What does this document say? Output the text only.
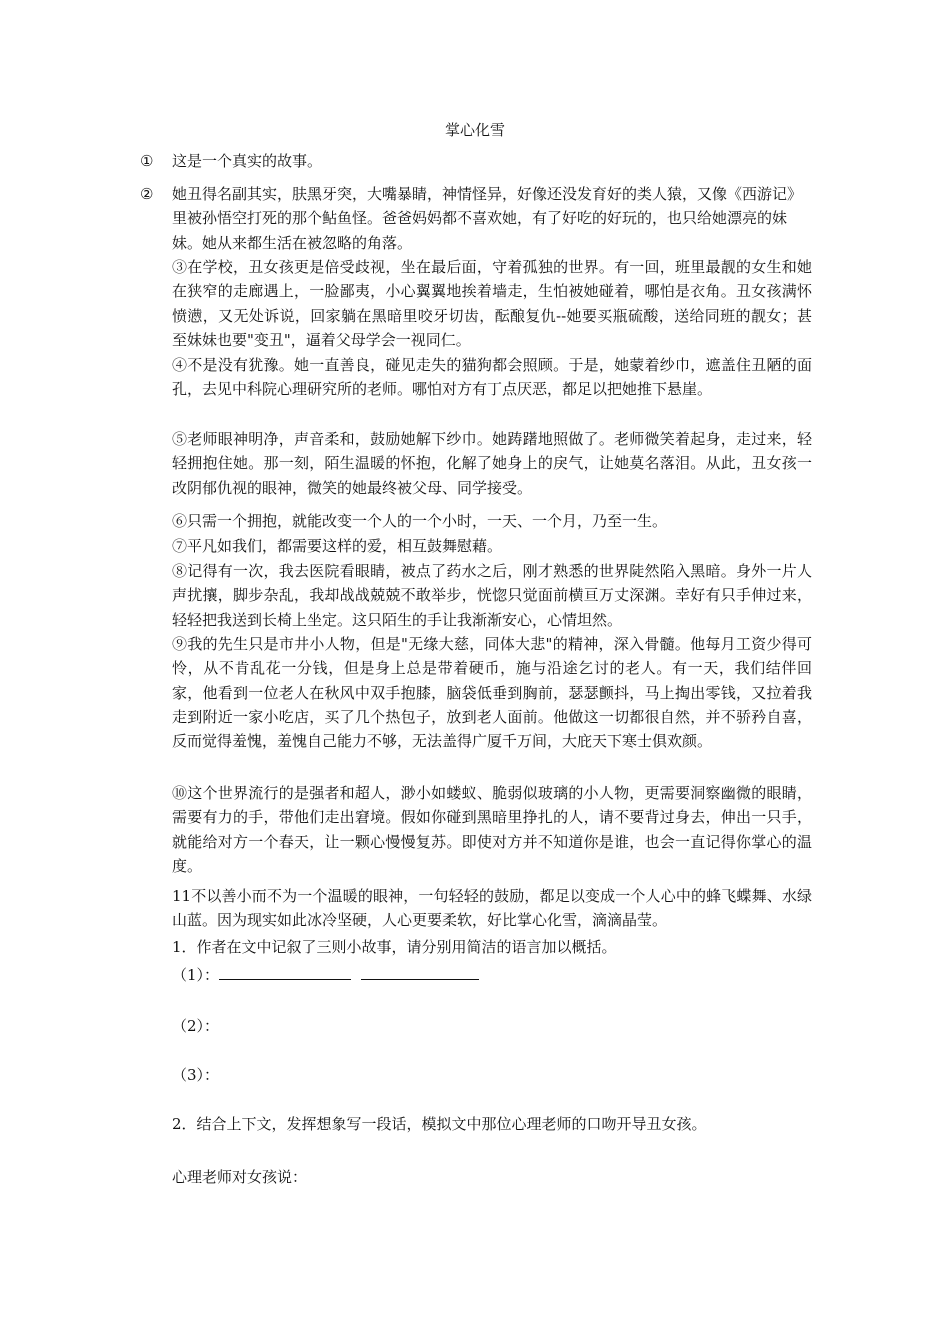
掌心化雪
①	这是一个真实的故事。
②	她丑得名副其实，肤黑牙突，大嘴暴睛，神情怪异，好像还没发育好的类人猿，又像《西游记》里被孙悟空打死的那个鲇鱼怪。爸爸妈妈都不喜欢她，有了好吃的好玩的，也只给她漂亮的妹妹。她从来都生活在被忽略的角落。
③在学校，丑女孩更是倍受歧视，坐在最后面，守着孤独的世界。有一回，班里最靓的女生和她在狭窄的走廊遇上，一脸鄙夷，小心翼翼地挨着墙走，生怕被她碰着，哪怕是衣角。丑女孩满怀愤懑，又无处诉说，回家躺在黑暗里咬牙切齿，酝酿复仇--她要买瓶硫酸，送给同班的靓女；甚至妹妹也要"变丑"，逼着父母学会一视同仁。
④不是没有犹豫。她一直善良，碰见走失的猫狗都会照顾。于是，她蒙着纱巾，遮盖住丑陋的面孔，去见中科院心理研究所的老师。哪怕对方有丁点厌恶，都足以把她推下悬崖。
⑤老师眼神明净，声音柔和，鼓励她解下纱巾。她踌躇地照做了。老师微笑着起身，走过来，轻轻拥抱住她。那一刻，陌生温暖的怀抱，化解了她身上的戾气，让她莫名落泪。从此，丑女孩一改阴郁仇视的眼神，微笑的她最终被父母、同学接受。
⑥只需一个拥抱，就能改变一个人的一个小时，一天、一个月，乃至一生。
⑦平凡如我们，都需要这样的爱，相互鼓舞慰藉。
⑧记得有一次，我去医院看眼睛，被点了药水之后，刚才熟悉的世界陡然陷入黑暗。身外一片人声扰攘，脚步杂乱，我却战战兢兢不敢举步，恍惚只觉面前横亘万丈深渊。幸好有只手伸过来，轻轻把我送到长椅上坐定。这只陌生的手让我渐渐安心，心情坦然。
⑨我的先生只是市井小人物，但是"无缘大慈，同体大悲"的精神，深入骨髓。他每月工资少得可怜，从不肯乱花一分钱，但是身上总是带着硬币，施与沿途乞讨的老人。有一天，我们结伴回家，他看到一位老人在秋风中双手抱膝，脑袋低垂到胸前，瑟瑟颤抖，马上掏出零钱，又拉着我走到附近一家小吃店，买了几个热包子，放到老人面前。他做这一切都很自然，并不骄矜自喜，反而觉得羞愧，羞愧自己能力不够，无法盖得广厦千万间，大庇天下寒士俱欢颜。
⑩这个世界流行的是强者和超人，渺小如蝼蚁、脆弱似玻璃的小人物，更需要洞察幽微的眼睛，需要有力的手，带他们走出窘境。假如你碰到黑暗里挣扎的人，请不要背过身去，伸出一只手，就能给对方一个春天，让一颗心慢慢复苏。即使对方并不知道你是谁，也会一直记得你掌心的温度。
11不以善小而不为一个温暖的眼神，一句轻轻的鼓励，都足以变成一个人心中的蜂飞蝶舞、水绿山蓝。因为现实如此冰冷坚硬，人心更要柔软，好比掌心化雪，滴滴晶莹。
1．作者在文中记叙了三则小故事，请分别用简洁的语言加以概括。
（1）：
（2）：
（3）：
2．结合上下文，发挥想象写一段话，模拟文中那位心理老师的口吻开导丑女孩。
心理老师对女孩说：
